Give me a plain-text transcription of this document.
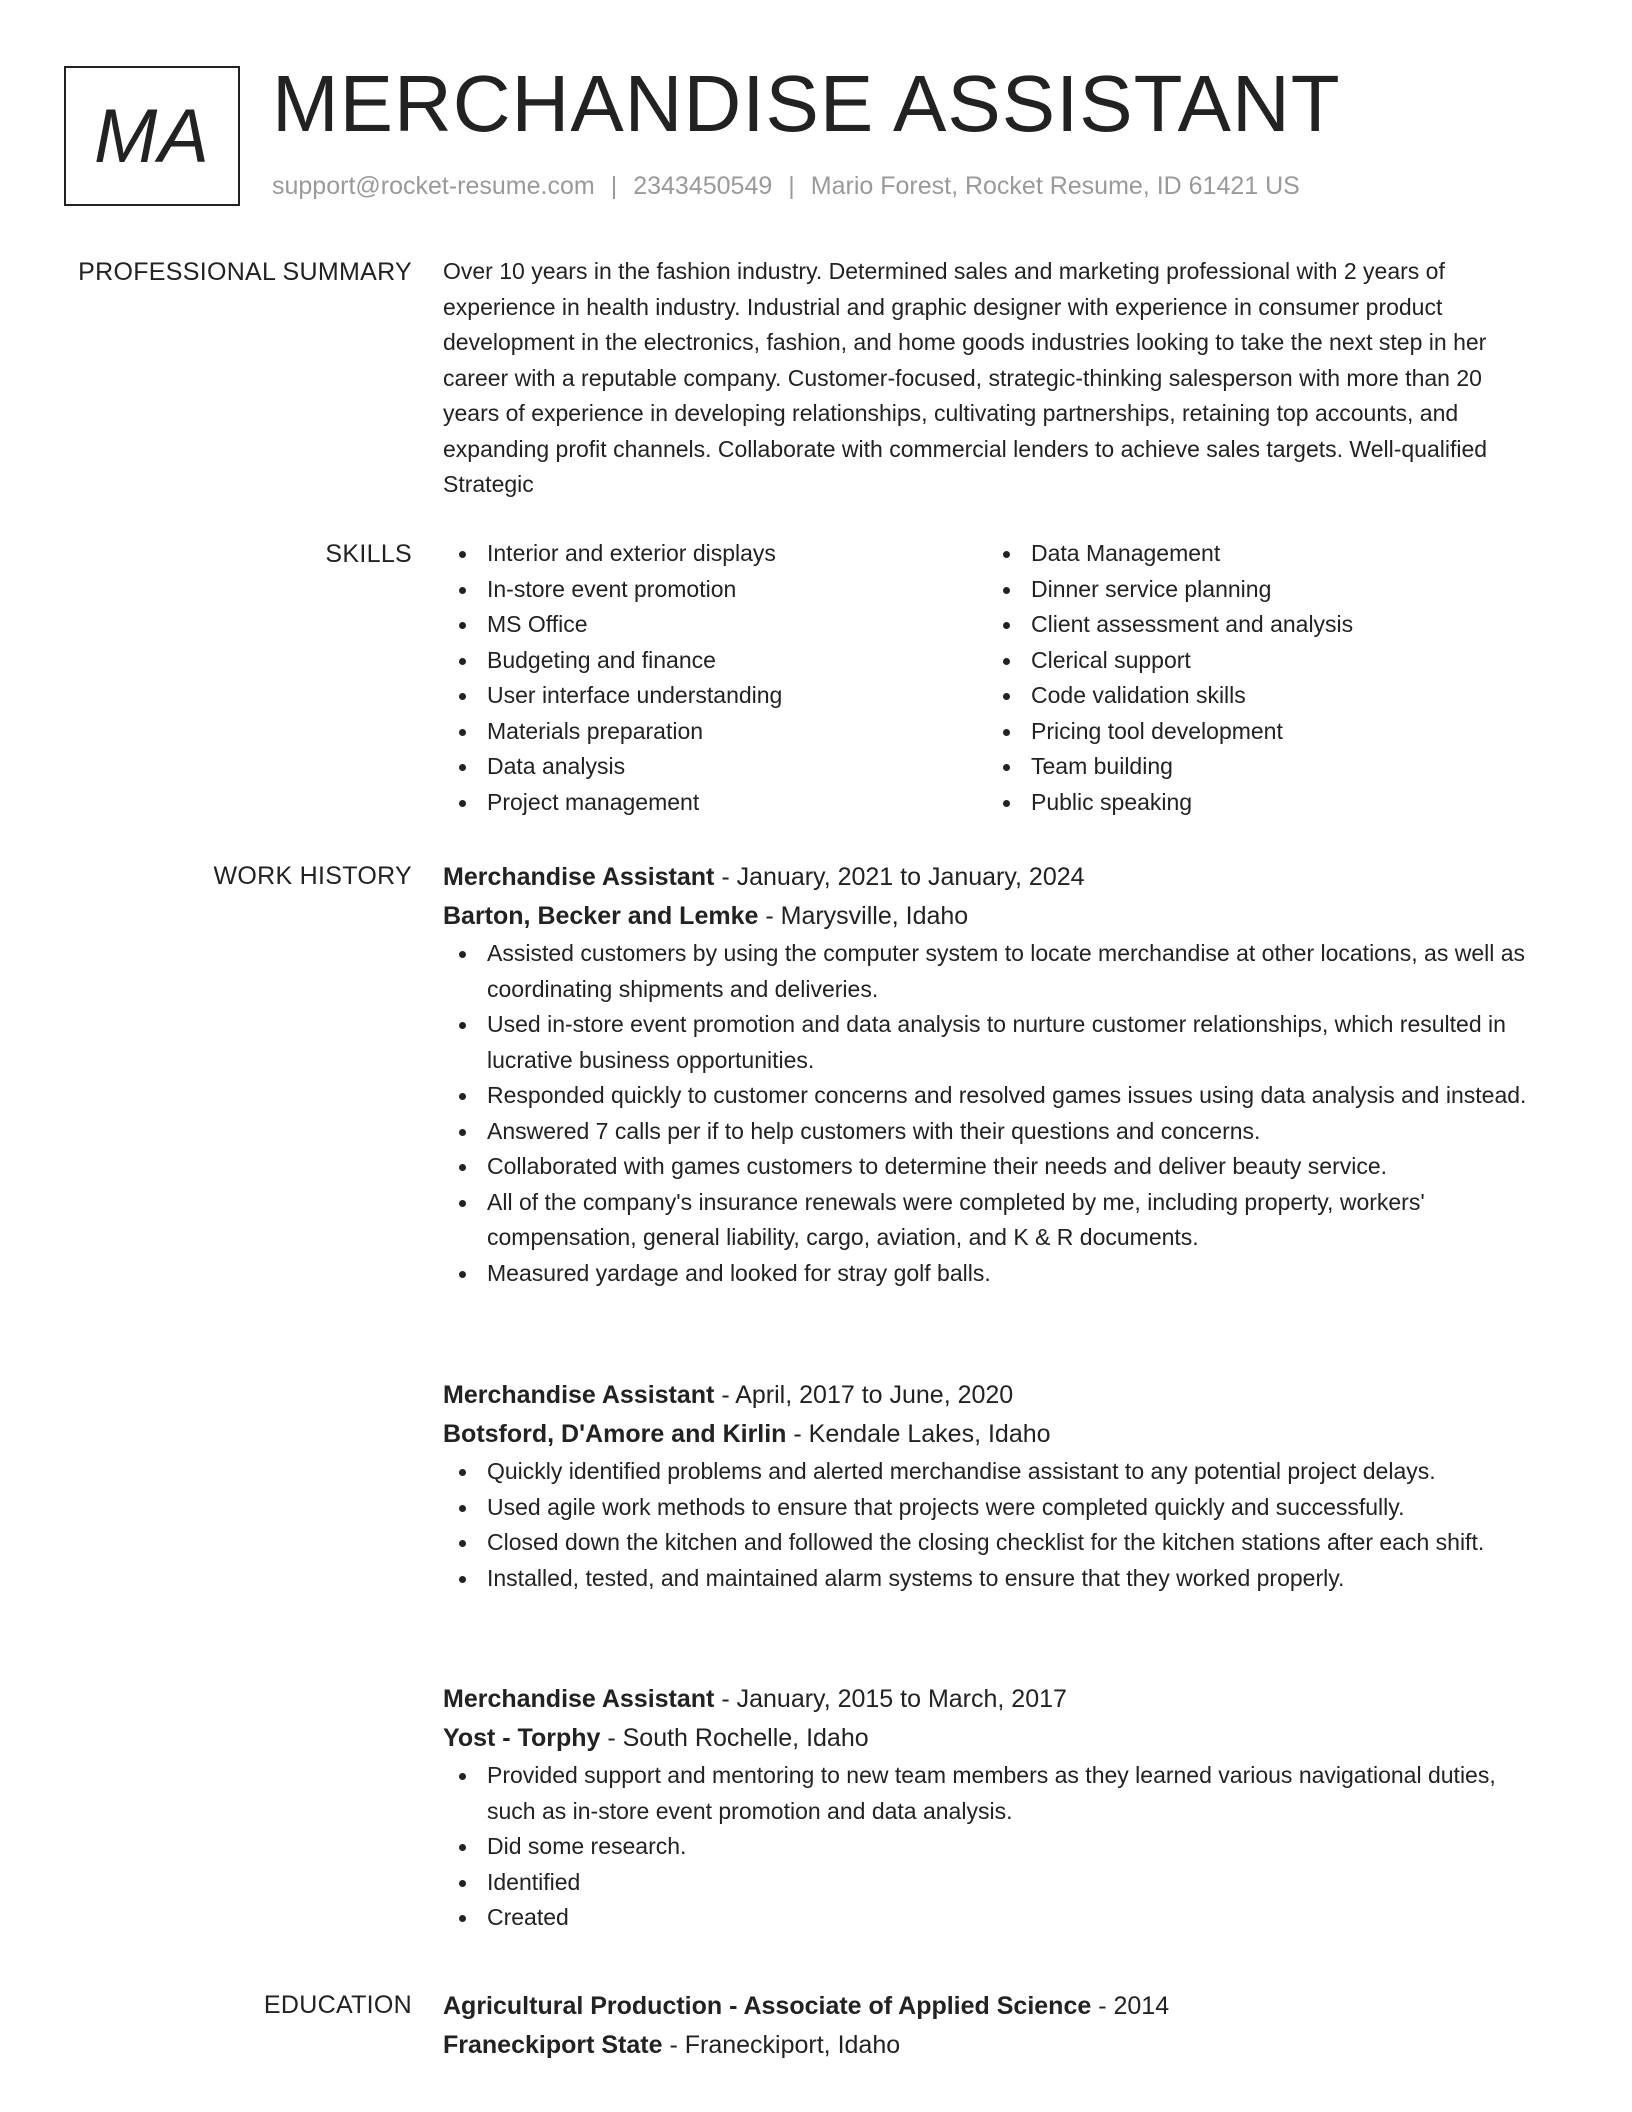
MA MERCHANDISE ASSISTANT
support@rocket-resume.com | 2343450549 | Mario Forest, Rocket Resume, ID 61421 US
PROFESSIONAL SUMMARY Over 10 years in the fashion industry. Determined sales and marketing professional with 2 years of experience in health industry. Industrial and graphic designer with experience in consumer product development in the electronics, fashion, and home goods industries looking to take the next step in her career with a reputable company. Customer-focused, strategic-thinking salesperson with more than 20 years of experience in developing relationships, cultivating partnerships, retaining top accounts, and expanding profit channels. Collaborate with commercial lenders to achieve sales targets. Well-qualified Strategic

SKILLS	Interior and exterior displays
In-store event promotion
MS Office
Budgeting and finance
User interface understanding
Materials preparation
Data analysis
Project management
Data Management
Dinner service planning
Client assessment and analysis
Clerical support
Code validation skills
Pricing tool development
Team building
Public speaking
WORK HISTORY Merchandise Assistant - January, 2021 to January, 2024
Barton, Becker and Lemke - Marysville, Idaho
Assisted customers by using the computer system to locate merchandise at other locations, as well as coordinating shipments and deliveries.
Used in-store event promotion and data analysis to nurture customer relationships, which resulted in lucrative business opportunities.
Responded quickly to customer concerns and resolved games issues using data analysis and instead.
Answered 7 calls per if to help customers with their questions and concerns.
Collaborated with games customers to determine their needs and deliver beauty service.
All of the company's insurance renewals were completed by me, including property, workers' compensation, general liability, cargo, aviation, and K & R documents.
Measured yardage and looked for stray golf balls.
Merchandise Assistant - April, 2017 to June, 2020
Botsford, D'Amore and Kirlin - Kendale Lakes, Idaho
Quickly identified problems and alerted merchandise assistant to any potential project delays.
Used agile work methods to ensure that projects were completed quickly and successfully.
Closed down the kitchen and followed the closing checklist for the kitchen stations after each shift.
Installed, tested, and maintained alarm systems to ensure that they worked properly.
Merchandise Assistant - January, 2015 to March, 2017
Yost - Torphy - South Rochelle, Idaho
Provided support and mentoring to new team members as they learned various navigational duties, such as in-store event promotion and data analysis.
Did some research.
Identified
Created
EDUCATION Agricultural Production - Associate of Applied Science - 2014
Franeckiport State - Franeckiport, Idaho
